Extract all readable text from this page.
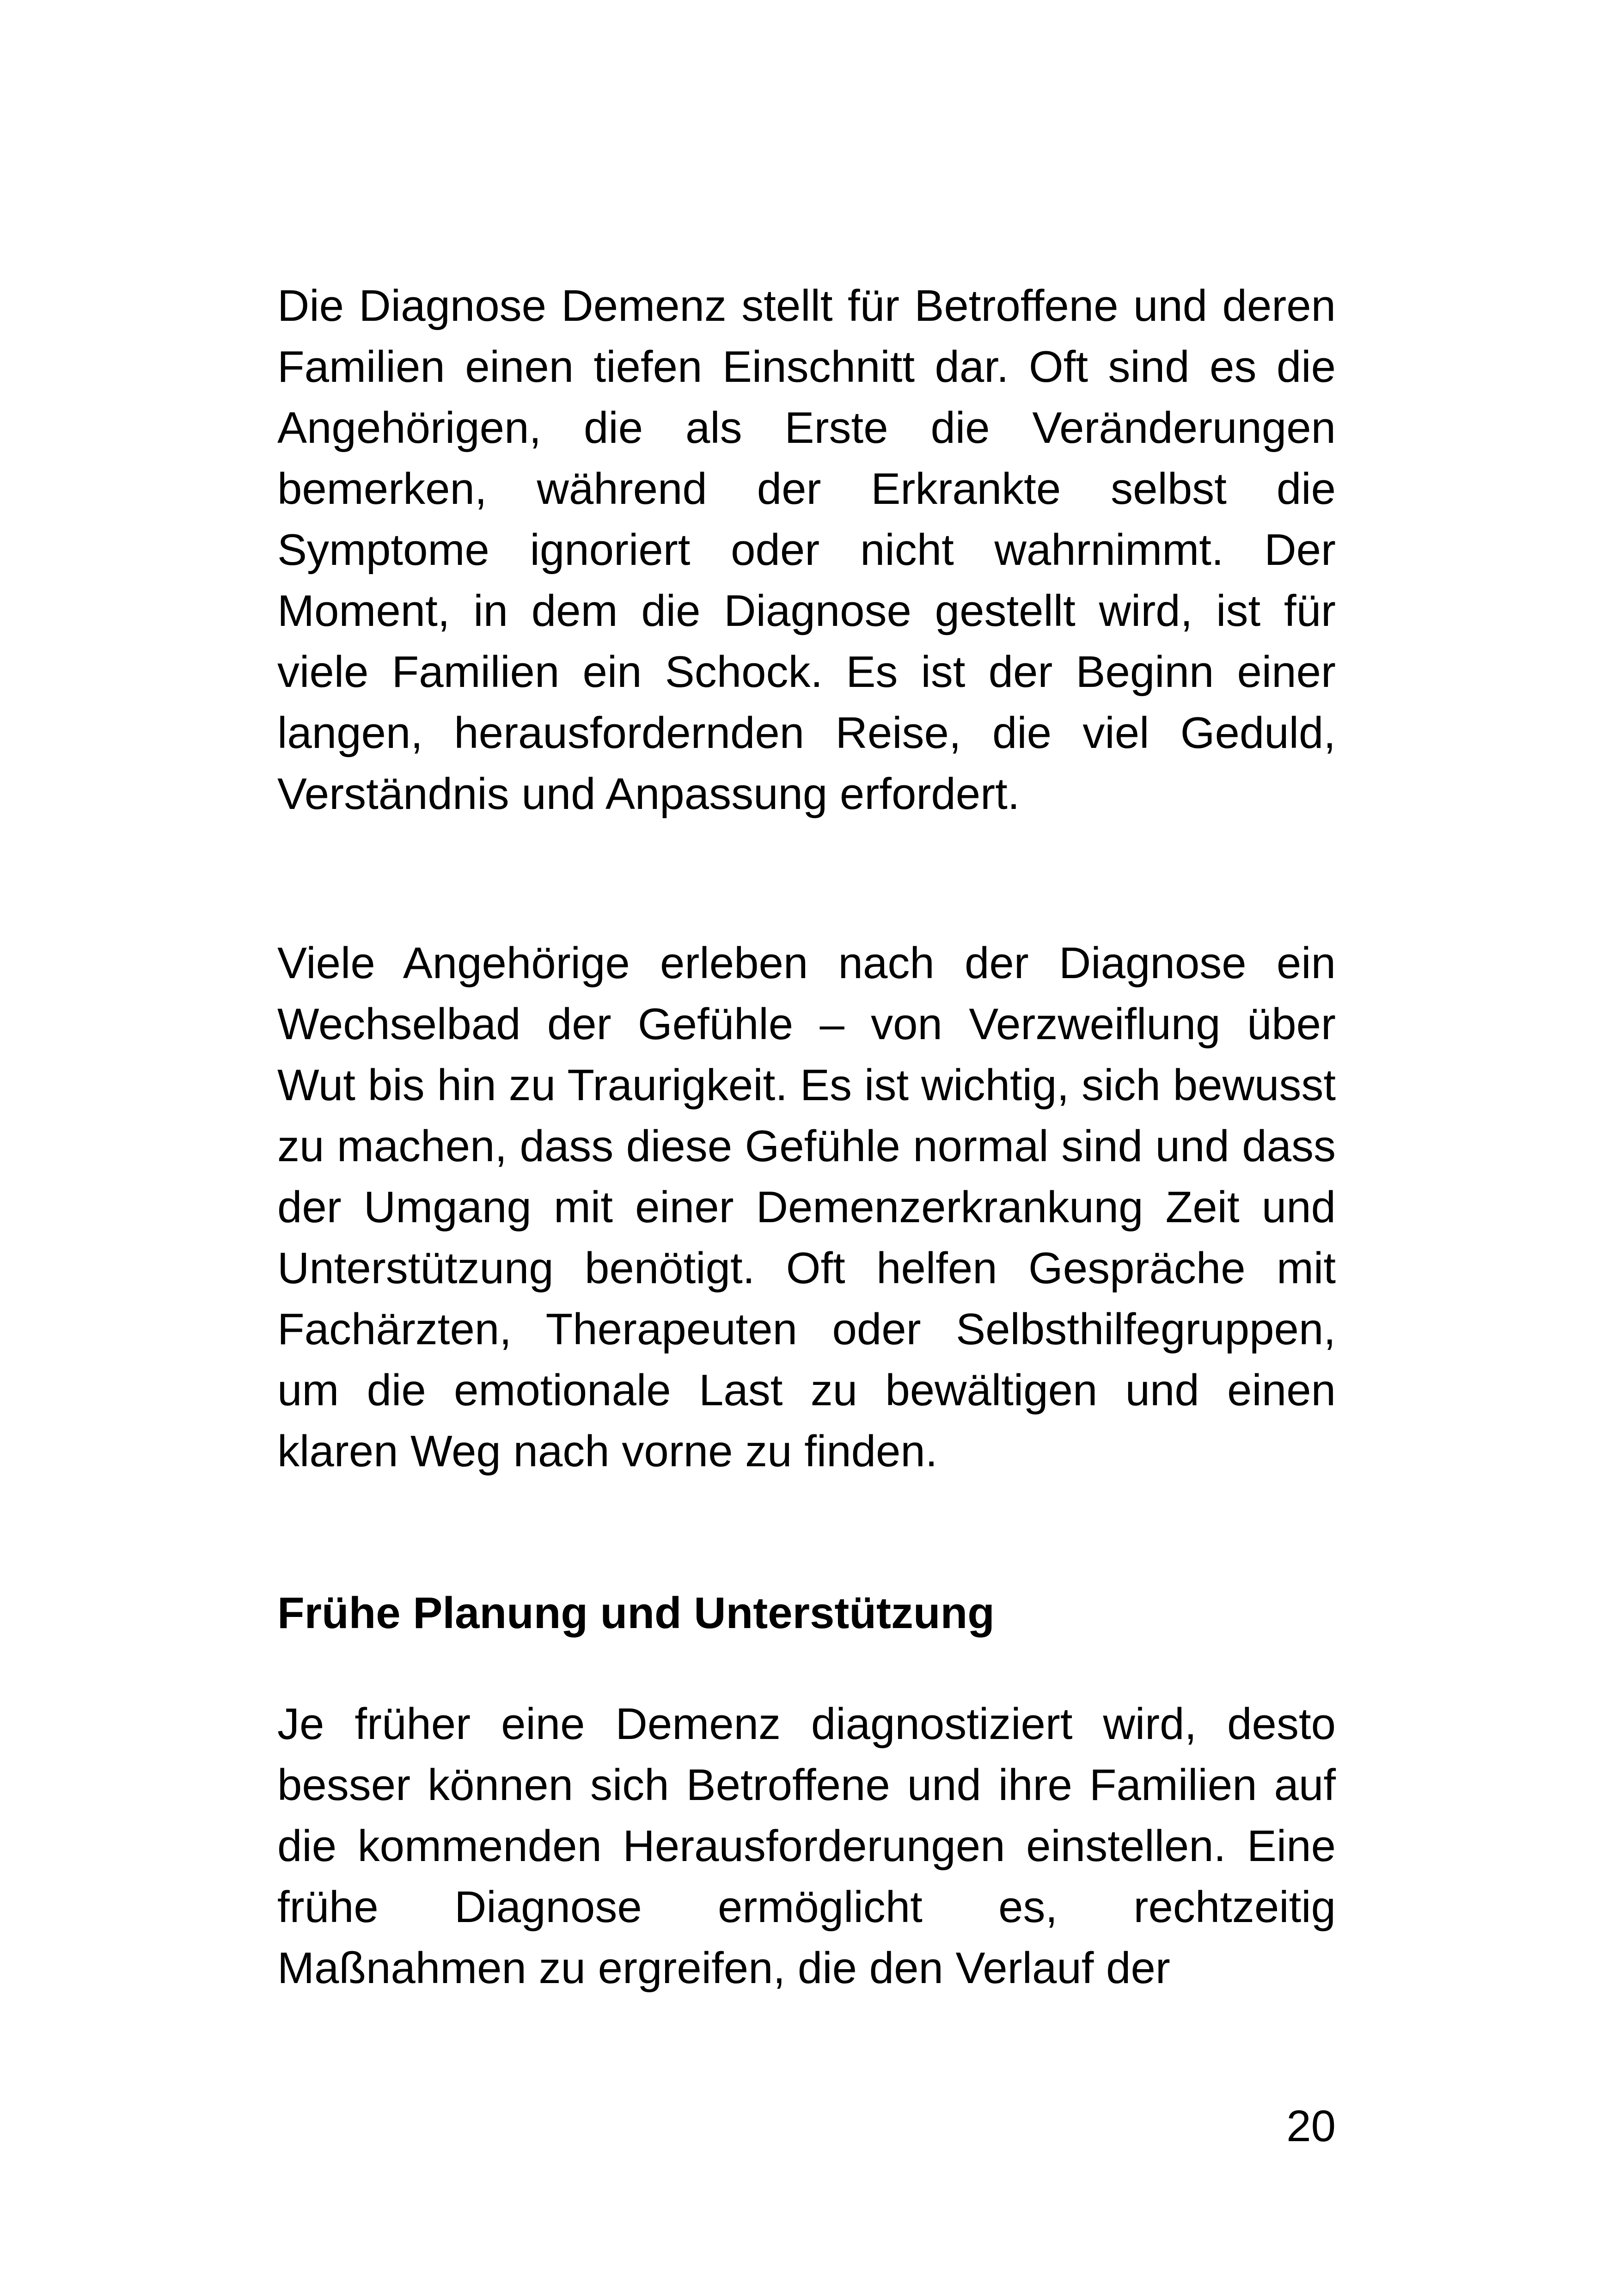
Die Diagnose Demenz stellt für Betroffene und deren Familien einen tiefen Einschnitt dar. Oft sind es die Angehörigen, die als Erste die Veränderungen bemerken, während der Erkrankte selbst die Symptome ignoriert oder nicht wahrnimmt. Der Moment, in dem die Diagnose gestellt wird, ist für viele Familien ein Schock. Es ist der Beginn einer langen, herausfordernden Reise, die viel Geduld, Verständnis und Anpassung erfordert.

Viele Angehörige erleben nach der Diagnose ein Wechselbad der Gefühle – von Verzweiflung über Wut bis hin zu Traurigkeit. Es ist wichtig, sich bewusst zu machen, dass diese Gefühle normal sind und dass der Umgang mit einer Demenzerkrankung Zeit und Unterstützung benötigt. Oft helfen Gespräche mit Fachärzten, Therapeuten oder Selbsthilfegruppen, um die emotionale Last zu bewältigen und einen klaren Weg nach vorne zu finden.

Frühe Planung und Unterstützung

Je früher eine Demenz diagnostiziert wird, desto besser können sich Betroffene und ihre Familien auf die kommenden Herausforderungen einstellen. Eine frühe Diagnose ermöglicht es, rechtzeitig Maßnahmen zu ergreifen, die den Verlauf der

20
